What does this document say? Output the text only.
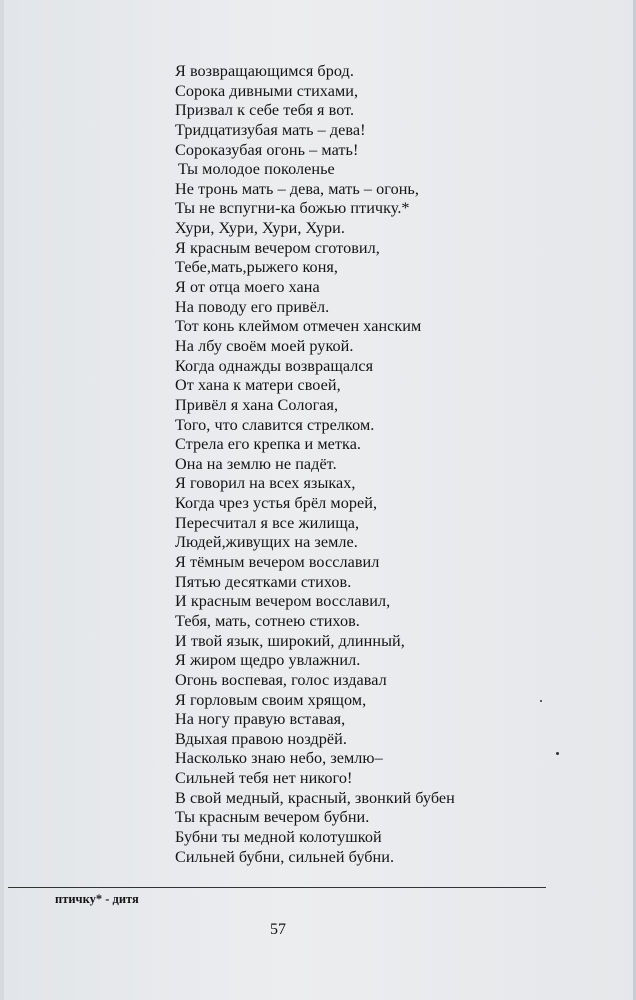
Я возвращающимся брод.
Сорока дивными стихами,
Призвал к себе тебя я вот.
Тридцатизубая мать – дева!
Сороказубая огонь – мать!
Ты молодое поколенье
Не тронь мать – дева, мать – огонь,
Ты не вспугни-ка божью птичку.*
Хури, Хури, Хури, Хури.
Я красным вечером сготовил,
Тебе,мать,рыжего коня,
Я от отца моего хана
На поводу его привёл.
Тот конь клеймом отмечен ханским
На лбу своём моей рукой.
Когда однажды возвращался
От хана к матери своей,
Привёл я хана Сологая,
Того, что славится стрелком.
Стрела его крепка и метка.
Она на землю не падёт.
Я говорил на всех языках,
Когда чрез устья брёл морей,
Пересчитал я все жилища,
Людей,живущих на земле.
Я тёмным вечером восславил
Пятью десятками стихов.
И красным вечером восславил,
Тебя, мать, сотнею стихов.
И твой язык, широкий, длинный,
Я жиром щедро увлажнил.
Огонь воспевая, голос издавал
Я горловым своим хрящом,
На ногу правую вставая,
Вдыхая правою ноздрёй.
Насколько знаю небо, землю–
Сильней тебя нет никого!
В свой медный, красный, звонкий бубен
Ты красным вечером бубни.
Бубни ты медной колотушкой
Сильней бубни, сильней бубни.
птичку* - дитя
57
